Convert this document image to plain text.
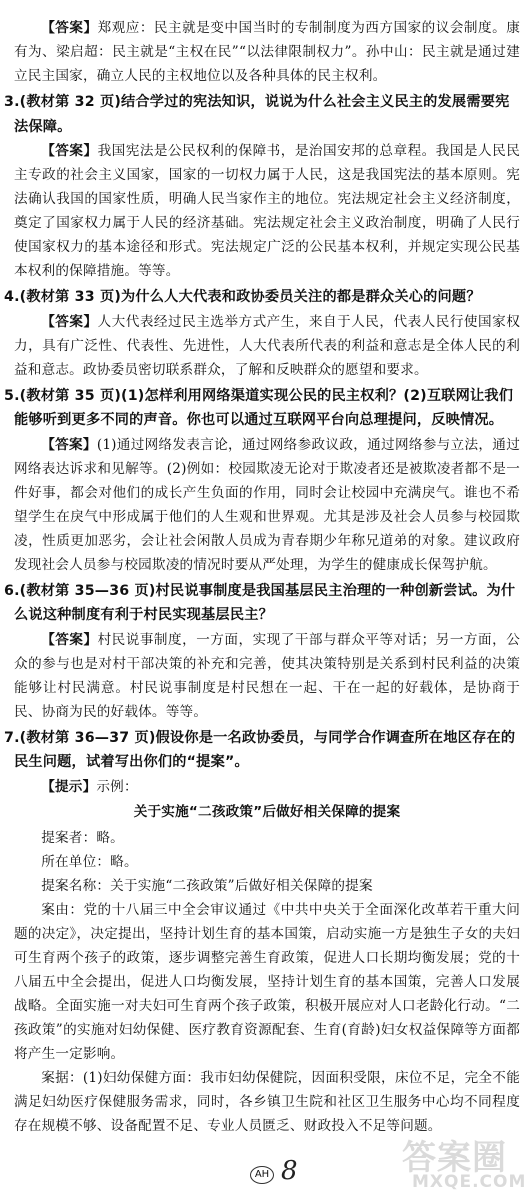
【答案】郑观应：民主就是变中国当时的专制制度为西方国家的议会制度。康有为、梁启超：民主就是“主权在民”“以法律限制权力”。孙中山：民主就是通过建立民主国家，确立人民的主权地位以及各种具体的民主权利。

3.(教材第 32 页)结合学过的宪法知识，说说为什么社会主义民主的发展需要宪法保障。

【答案】我国宪法是公民权利的保障书，是治国安邦的总章程。我国是人民民主专政的社会主义国家，国家的一切权力属于人民，这是我国宪法的基本原则。宪法确认我国的国家性质，明确人民当家作主的地位。宪法规定社会主义经济制度，奠定了国家权力属于人民的经济基础。宪法规定社会主义政治制度，明确了人民行使国家权力的基本途径和形式。宪法规定广泛的公民基本权利，并规定实现公民基本权利的保障措施。等等。

4.(教材第 33 页)为什么人大代表和政协委员关注的都是群众关心的问题？

【答案】人大代表经过民主选举方式产生，来自于人民，代表人民行使国家权力，具有广泛性、代表性、先进性，人大代表所代表的利益和意志是全体人民的利益和意志。政协委员密切联系群众，了解和反映群众的愿望和要求。

5.(教材第 35 页)(1)怎样利用网络渠道实现公民的民主权利？(2)互联网让我们能够听到更多不同的声音。你也可以通过互联网平台向总理提问，反映情况。

【答案】(1)通过网络发表言论，通过网络参政议政，通过网络参与立法，通过网络表达诉求和见解等。(2)例如：校园欺凌无论对于欺凌者还是被欺凌者都不是一件好事，都会对他们的成长产生负面的作用，同时会让校园中充满戾气。谁也不希望学生在戾气中形成属于他们的人生观和世界观。尤其是涉及社会人员参与校园欺凌，性质更加恶劣，会让社会闲散人员成为青春期少年称兄道弟的对象。建议政府发现社会人员参与校园欺凌的情况时要从严处理，为学生的健康成长保驾护航。

6.(教材第 35—36 页)村民说事制度是我国基层民主治理的一种创新尝试。为什么说这种制度有利于村民实现基层民主？

【答案】村民说事制度，一方面，实现了干部与群众平等对话；另一方面，公众的参与也是对村干部决策的补充和完善，使其决策特别是关系到村民利益的决策能够让村民满意。村民说事制度是村民想在一起、干在一起的好载体，是协商于民、协商为民的好载体。等等。

7.(教材第 36—37 页)假设你是一名政协委员，与同学合作调查所在地区存在的民生问题，试着写出你们的“提案”。

【提示】示例：

关于实施“二孩政策”后做好相关保障的提案

提案者：略。

所在单位：略。

提案名称：关于实施“二孩政策”后做好相关保障的提案

案由：党的十八届三中全会审议通过《中共中央关于全面深化改革若干重大问题的决定》，决定提出，坚持计划生育的基本国策，启动实施一方是独生子女的夫妇可生育两个孩子的政策，逐步调整完善生育政策，促进人口长期均衡发展；党的十八届五中全会提出，促进人口均衡发展，坚持计划生育的基本国策，完善人口发展战略。全面实施一对夫妇可生育两个孩子政策，积极开展应对人口老龄化行动。“二孩政策”的实施对妇幼保健、医疗教育资源配套、生育(育龄)妇女权益保障等方面都将产生一定影响。

案据：(1)妇幼保健方面：我市妇幼保健院，因面积受限，床位不足，完全不能满足妇幼医疗保健服务需求，同时，各乡镇卫生院和社区卫生服务中心均不同程度存在规模不够、设备配置不足、专业人员匮乏、财政投入不足等问题。

AH 8	答案圈
MXQE.COM
